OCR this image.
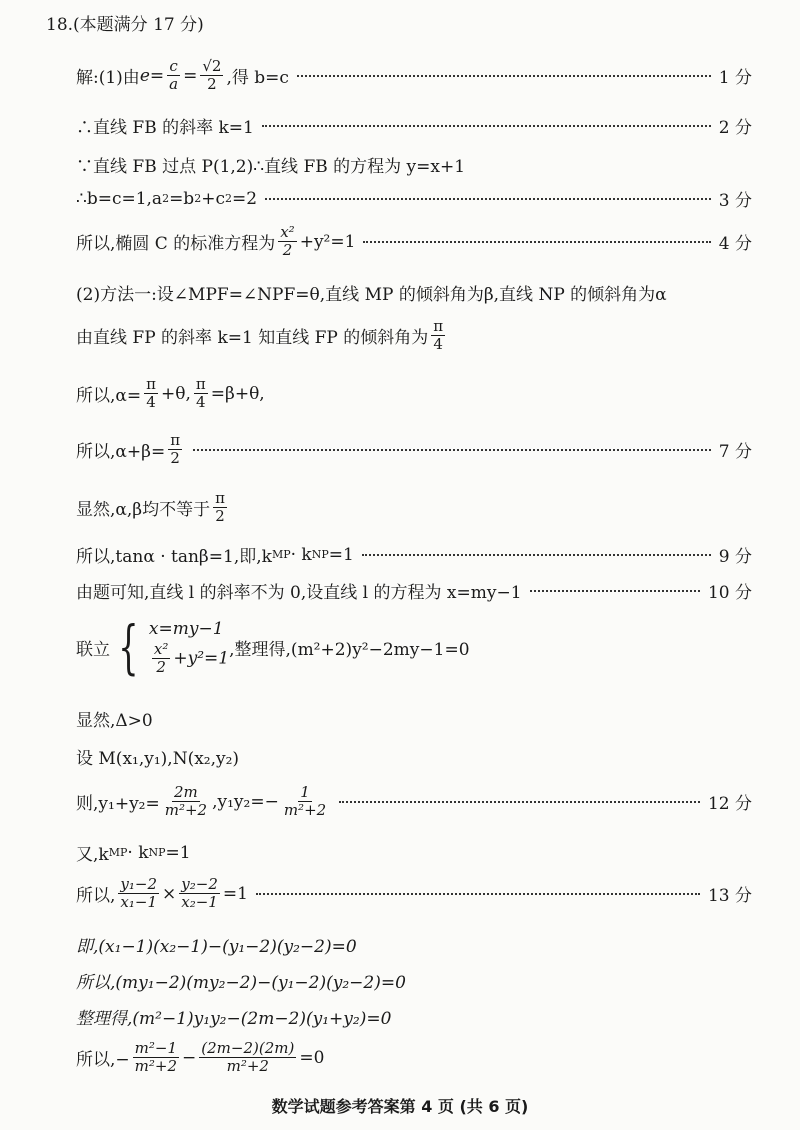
18.(本题满分 17 分)
解:(1)由 $e = \frac{c}{a} = \frac{√2}{2}$ ,得 b=c	1 分
∴直线 FB 的斜率 k=1	2 分
∵直线 FB 过点 P(1,2)∴直线 FB 的方程为 y=x+1
∴b=c=1,a 2 =b 2 +c 2 =2	3 分
所以,椭圆 C 的标准方程为 $\frac{\text{x²}}{2} +y^2=1$	4 分
(2)方法一:设∠MPF=∠NPF=θ,直线 MP 的倾斜角为β,直线 NP 的倾斜角为α
由直线 FP 的斜率 k=1 知直线 FP 的倾斜角为 $\frac{\pi}{4}$
所以$,\alpha= \frac{\pi}{4} +\theta$, $\frac{\pi}{4} =\beta+\theta$,
所以$,\alpha+\beta= \frac{\pi}{2}$	7 分
显然,α,β均不等于 $\frac{\pi}{2}$
所以,tanα · tanβ=1,即,k MP · k NP =1	9 分
由题可知,直线 l 的斜率不为 0,设直线 l 的方程为 x=my−1	10 分
联立 { x=my−1
$\frac{\text{x²}}{2} +y^2=1$ ,整理得,(m²+2)y²−2my−1=0
显然,Δ>0
设 M(x₁,y₁),N(x₂,y₂)
则$,y_1+y_2= \frac{2m}{\text{m²+2}} ,y_1y_2=- \frac{1}{\text{m²+2}}$	12 分
又,k MP · k NP =1
所以, $\frac{\text{y₁−2}}{\text{x₁−1}} \times \frac{\text{y₂−2}}{\text{x₂−1}} =1$	13 分
即,(x₁−1)(x₂−1)−(y₁−2)(y₂−2)=0
所以,(my₁−2)(my₂−2)−(y₁−2)(y₂−2)=0
整理得,(m²−1)y₁y₂−(2m−2)(y₁+y₂)=0
所以,− $\frac{\text{m²−1}}{\text{m²+2}} - \frac{(2m-2)(2m)}{\text{m²+2}} =0$
数学试题参考答案第 4 页 (共 6 页)
